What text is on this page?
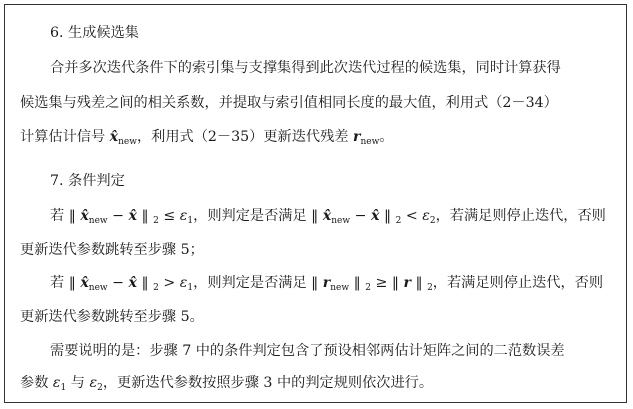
6. 生成候选集
合并多次迭代条件下的索引集与支撑集得到此次迭代过程的候选集，同时计算获得
候选集与残差之间的相关系数，并提取与索引值相同长度的最大值，利用式（2－34）
计算估计信号 $x̂_{new}$，利用式（2－35）更新迭代残差 $r_{new}$。
7. 条件判定
若 ‖ $x̂_{new}$ − x̂ ‖ $_2 \le \varepsilon_1$，则判定是否满足 ‖ $x̂_{new}$ − x̂ ‖ $_2 < \varepsilon_2$，若满足则停止迭代，否则
更新迭代参数跳转至步骤 5；
若 ‖ $x̂_{new}$ − x̂ ‖ $_2 > \varepsilon_1$，则判定是否满足 ‖ $r_{new}$ ‖ $_2$ ≥ ‖ r ‖ $_2$，若满足则停止迭代，否则
更新迭代参数跳转至步骤 5。
需要说明的是：步骤 7 中的条件判定包含了预设相邻两估计矩阵之间的二范数误差
参数 $\varepsilon_1$ 与 $\varepsilon_2$，更新迭代参数按照步骤 3 中的判定规则依次进行。
